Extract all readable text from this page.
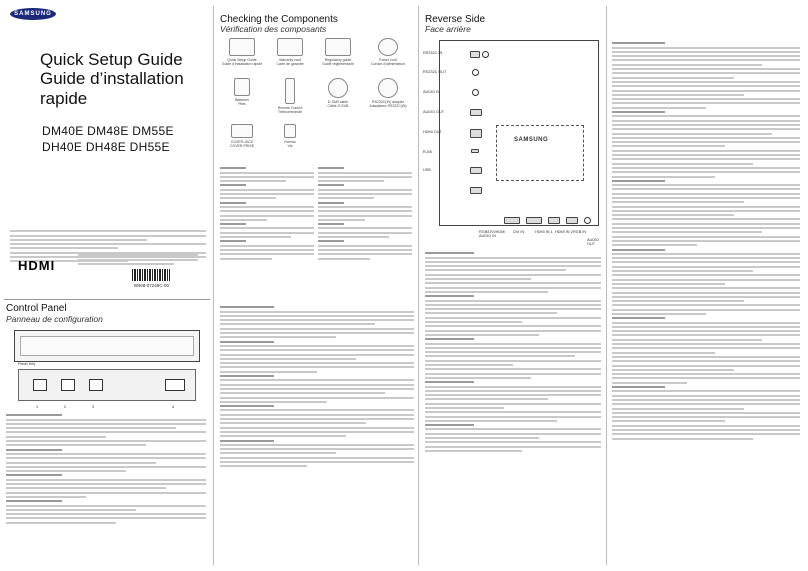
SAMSUNG
Quick Setup Guide
Guide d’installation rapide
DM40E DM48E DM55E
DH40E DH48E DH55E
HDMI
BN68-07249C-00
Control Panel
Panneau de configuration
Panel Key
1	2	3	4
Checking the Components
Vérification des composants
Quick Setup Guide
Guide d’installation rapide
Warranty card
Carte de garantie
Regulatory guide
Guide réglementaire
Power cord
Cordon d’alimentation
Batteries
Piles
Remote Control
Télécommande
D-SUB cable
Câble D-SUB
RS232C(IN) adapter
Adaptateur RS232C(IN)
COVER-JACK
COVER-PRISE
Screws
Vis
Reverse Side
Face arrière
SAMSUNG
RS232C IN
RS232C OUT
AUDIO IN
AUDIO OUT
HDMI OUT
RJ45
USB
RGB/DVI/HDMI AUDIO IN
DVI IN	HDMI IN 1 HDMI IN 2 RGB IN
AUDIO OUT
